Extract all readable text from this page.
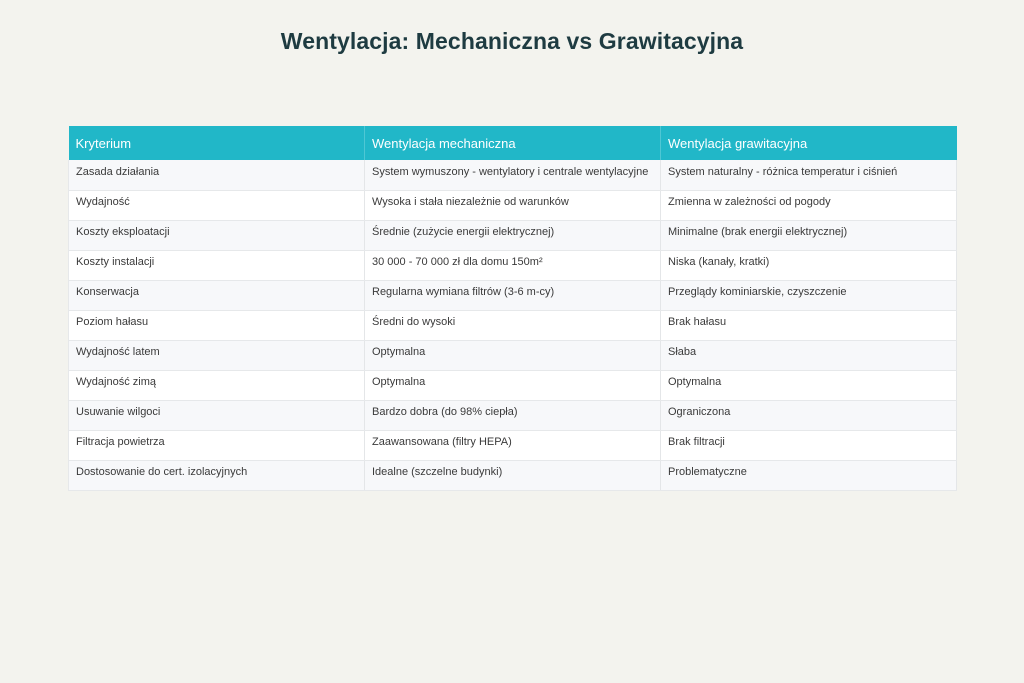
Wentylacja: Mechaniczna vs Grawitacyjna
Kryterium	Wentylacja mechaniczna	Wentylacja grawitacyjna
Zasada działania	System wymuszony - wentylatory i centrale wentylacyjne	System naturalny - różnica temperatur i ciśnień
Wydajność	Wysoka i stała niezależnie od warunków	Zmienna w zależności od pogody
Koszty eksploatacji	Średnie (zużycie energii elektrycznej)	Minimalne (brak energii elektrycznej)
Koszty instalacji	30 000 - 70 000 zł dla domu 150m²	Niska (kanały, kratki)
Konserwacja	Regularna wymiana filtrów (3-6 m-cy)	Przeglądy kominiarskie, czyszczenie
Poziom hałasu	Średni do wysoki	Brak hałasu
Wydajność latem	Optymalna	Słaba
Wydajność zimą	Optymalna	Optymalna
Usuwanie wilgoci	Bardzo dobra (do 98% ciepła)	Ograniczona
Filtracja powietrza	Zaawansowana (filtry HEPA)	Brak filtracji
Dostosowanie do cert. izolacyjnych	Idealne (szczelne budynki)	Problematyczne
